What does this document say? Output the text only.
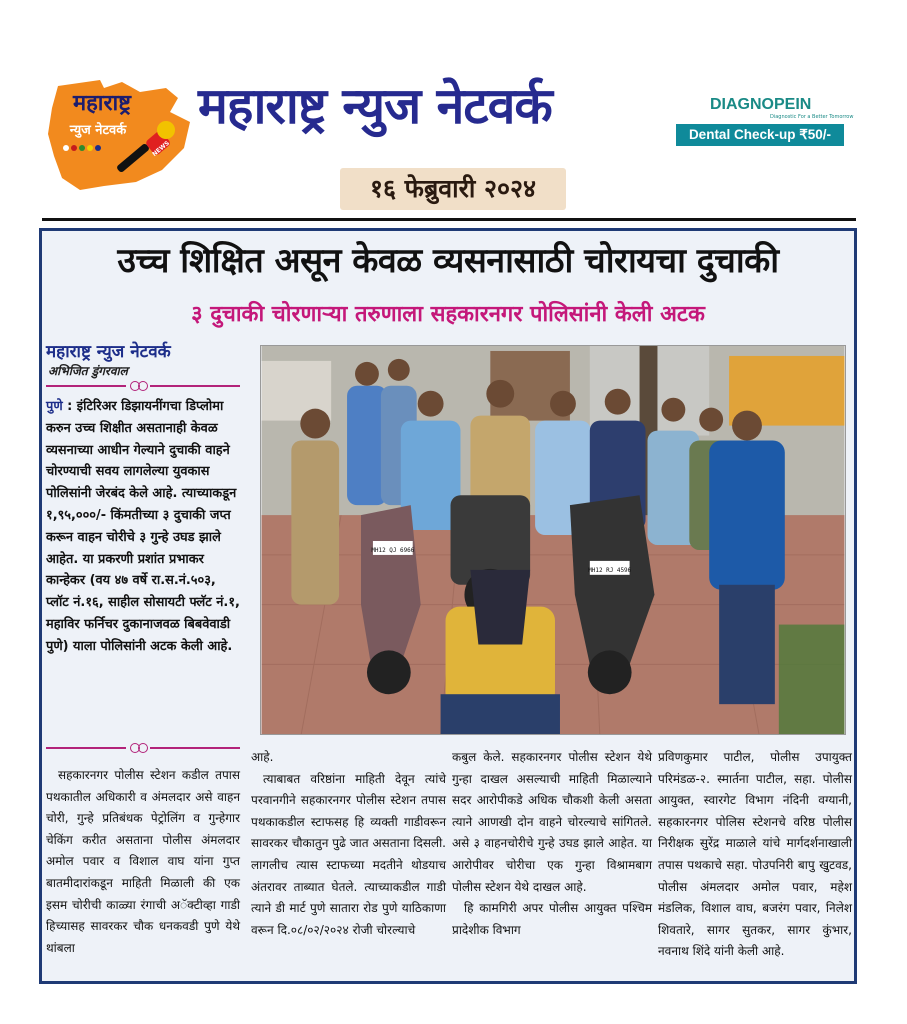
महाराष्ट्र
न्युज नेटवर्क
NEWS
महाराष्ट्र न्युज नेटवर्क
१६ फेब्रुवारी २०२४
DIAGNOPEIN
Diagnostic For a Better Tomorrow
Dental Check-up ₹50/-
उच्च शिक्षित असून केवळ व्यसनासाठी चोरायचा दुचाकी
३ दुचाकी चोरणाऱ्या तरुणाला सहकारनगर पोलिसांनी केली अटक
महाराष्ट्र न्युज नेटवर्क
अभिजित डुंगरवाल
पुणे : इंटिरिअर डिझायनींगचा डिप्लोमा करुन उच्च शिक्षीत असतानाही केवळ व्यसनाच्या आधीन गेल्याने दुचाकी वाहने चोरण्याची सवय लागलेल्या युवकास पोलिसांनी जेरबंद केले आहे. त्याच्याकडून १,९५,०००/- किंमतीच्या ३ दुचाकी जप्त करून वाहन चोरीचे ३ गुन्हे उघड झाले आहेत. या प्रकरणी प्रशांत प्रभाकर कान्हेकर (वय ४७ वर्षे रा.स.नं.५०३, प्लॉट नं.१६, साहील सोसायटी फ्लॅट नं.१, महाविर फर्निचर दुकानाजवळ बिबवेवाडी पुणे) याला पोलिसांनी अटक केली आहे.
सहकारनगर पोलीस स्टेशन कडील तपास पथकातील अधिकारी व अंमलदार असे वाहन चोरी, गुन्हे प्रतिबंधक पेट्रोलिंग व गुन्हेगार चेकिंग करीत असताना पोलीस अंमलदार अमोल पवार व विशाल वाघ यांना गुप्त बातमीदारांकडून माहिती मिळाली की एक इसम चोरीची काळ्या रंगाची अॅक्टीव्हा गाडी हिच्यासह सावरकर चौक धनकवडी पुणे येथे थांबला
आहे.
त्याबाबत वरिष्ठांना माहिती देवून त्यांचे परवानगीने सहकारनगर पोलीस स्टेशन तपास पथकाकडील स्टाफसह हि व्यक्ती गाडीवरून सावरकर चौकातुन पुढे जात असताना दिसली. लागलीच त्यास स्टाफच्या मदतीने थोडयाच अंतरावर ताब्यात घेतले. त्याच्याकडील गाडी त्याने डी मार्ट पुणे सातारा रोड पुणे याठिकाणा वरून दि.०८/०२/२०२४ रोजी चोरल्याचे
कबुल केले. सहकारनगर पोलीस स्टेशन येथे गुन्हा दाखल असल्याची माहिती मिळाल्याने सदर आरोपीकडे अधिक चौकशी केली असता त्याने आणखी दोन वाहने चोरल्याचे सांगितले. असे ३ वाहनचोरीचे गुन्हे उघड झाले आहेत. या आरोपीवर चोरीचा एक गुन्हा विश्रामबाग पोलीस स्टेशन येथे दाखल आहे.
हि कामगिरी अपर पोलीस आयुक्त पश्चिम प्रादेशीक विभाग
प्रविणकुमार पाटील, पोलीस उपायुक्त परिमंडळ-२. स्मार्तना पाटील, सहा. पोलीस आयुक्त, स्वारगेट विभाग नंदिनी वग्यानी, सहकारनगर पोलिस स्टेशनचे वरिष्ठ पोलीस निरीक्षक सुरेंद्र माळाले यांचे मार्गदर्शनाखाली तपास पथकाचे सहा. पोउपनिरी बापु खुटवड, पोलीस अंमलदार अमोल पवार, महेश मंडलिक, विशाल वाघ, बजरंग पवार, निलेश शिवतारे, सागर सुतकर, सागर कुंभार, नवनाथ शिंदे यांनी केली आहे.
MH12 QJ 6966
MH12 RJ 4596
